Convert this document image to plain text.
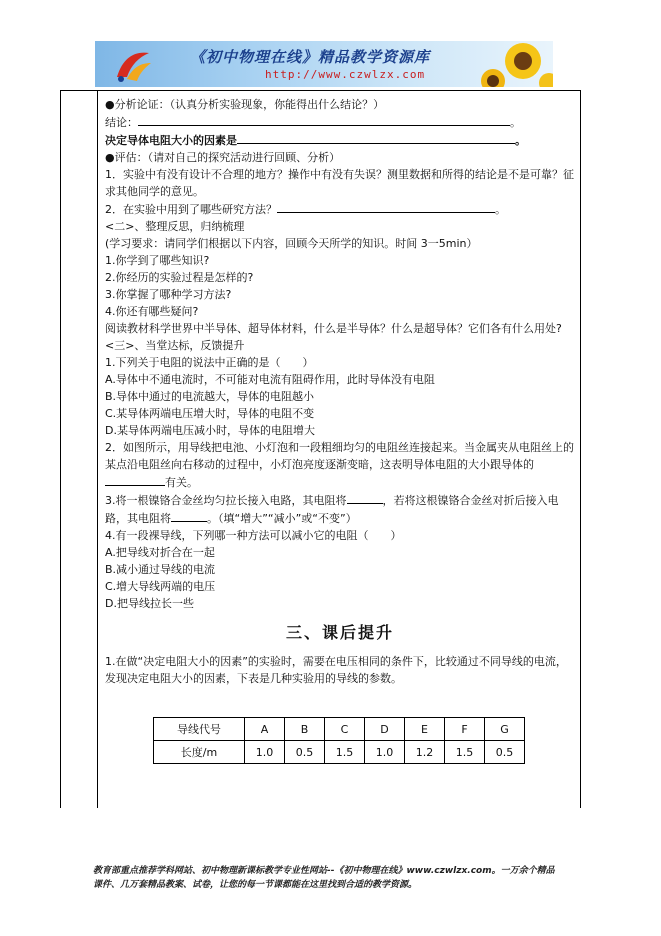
《初中物理在线》精品教学资源库
http://www.czwlzx.com

●分析论证：（认真分析实验现象，你能得出什么结论？）

结论：	。

决定导体电阻大小的因素是	。

●评估：（请对自己的探究活动进行回顾、分析）

1．实验中有没有设计不合理的地方？操作中有没有失误？测里数据和所得的结论是不是可靠？征求其他同学的意见。

2．在实验中用到了哪些研究方法？	。

<二>、整理反思，归纳梳理

(学习要求：请同学们根据以下内容，回顾今天所学的知识。时间 3一5min）

1.你学到了哪些知识?

2.你经历的实验过程是怎样的?

3.你掌握了哪种学习方法?

4.你还有哪些疑问?

阅读教材科学世界中半导体、超导体材料，什么是半导体？什么是超导体？它们各有什么用处?

<三>、当堂达标，反馈提升

1.下列关于电阻的说法中正确的是（　　）

A.导体中不通电流时，不可能对电流有阻碍作用，此时导体没有电阻

B.导体中通过的电流越大，导体的电阻越小

C.某导体两端电压增大时，导体的电阻不变

D.某导体两端电压减小时，导体的电阻增大

2．如图所示，用导线把电池、小灯泡和一段粗细均匀的电阻丝连接起来。当金属夹从电阻丝上的某点沿电阻丝向右移动的过程中，小灯泡亮度逐渐变暗，这表明导体电阻的大小跟导体的有关。

3.将一根镍铬合金丝均匀拉长接入电路，其电阻将	，若将这根镍铬合金丝对折后接入电路，其电阻将	。（填“增大”“减小”或“不变”）

4.有一段裸导线，下列哪一种方法可以减小它的电阻（　　）

A.把导线对折合在一起

B.减小通过导线的电流

C.增大导线两端的电压

D.把导线拉长一些

三、课后提升

1.在做“决定电阻大小的因素”的实验时，需要在电压相同的条件下，比较通过不同导线的电流，发现决定电阻大小的因素，下表是几种实验用的导线的参数。

导线代号	A	B	C	D	E	F	G
长度/m	1.0	0.5	1.5	1.0	1.2	1.5	0.5
教育部重点推荐学科网站、初中物理新课标教学专业性网站--《初中物理在线》www.czwlzx.com。一万余个精品课件、几万套精品教案、试卷，让您的每一节课都能在这里找到合适的教学资源。
